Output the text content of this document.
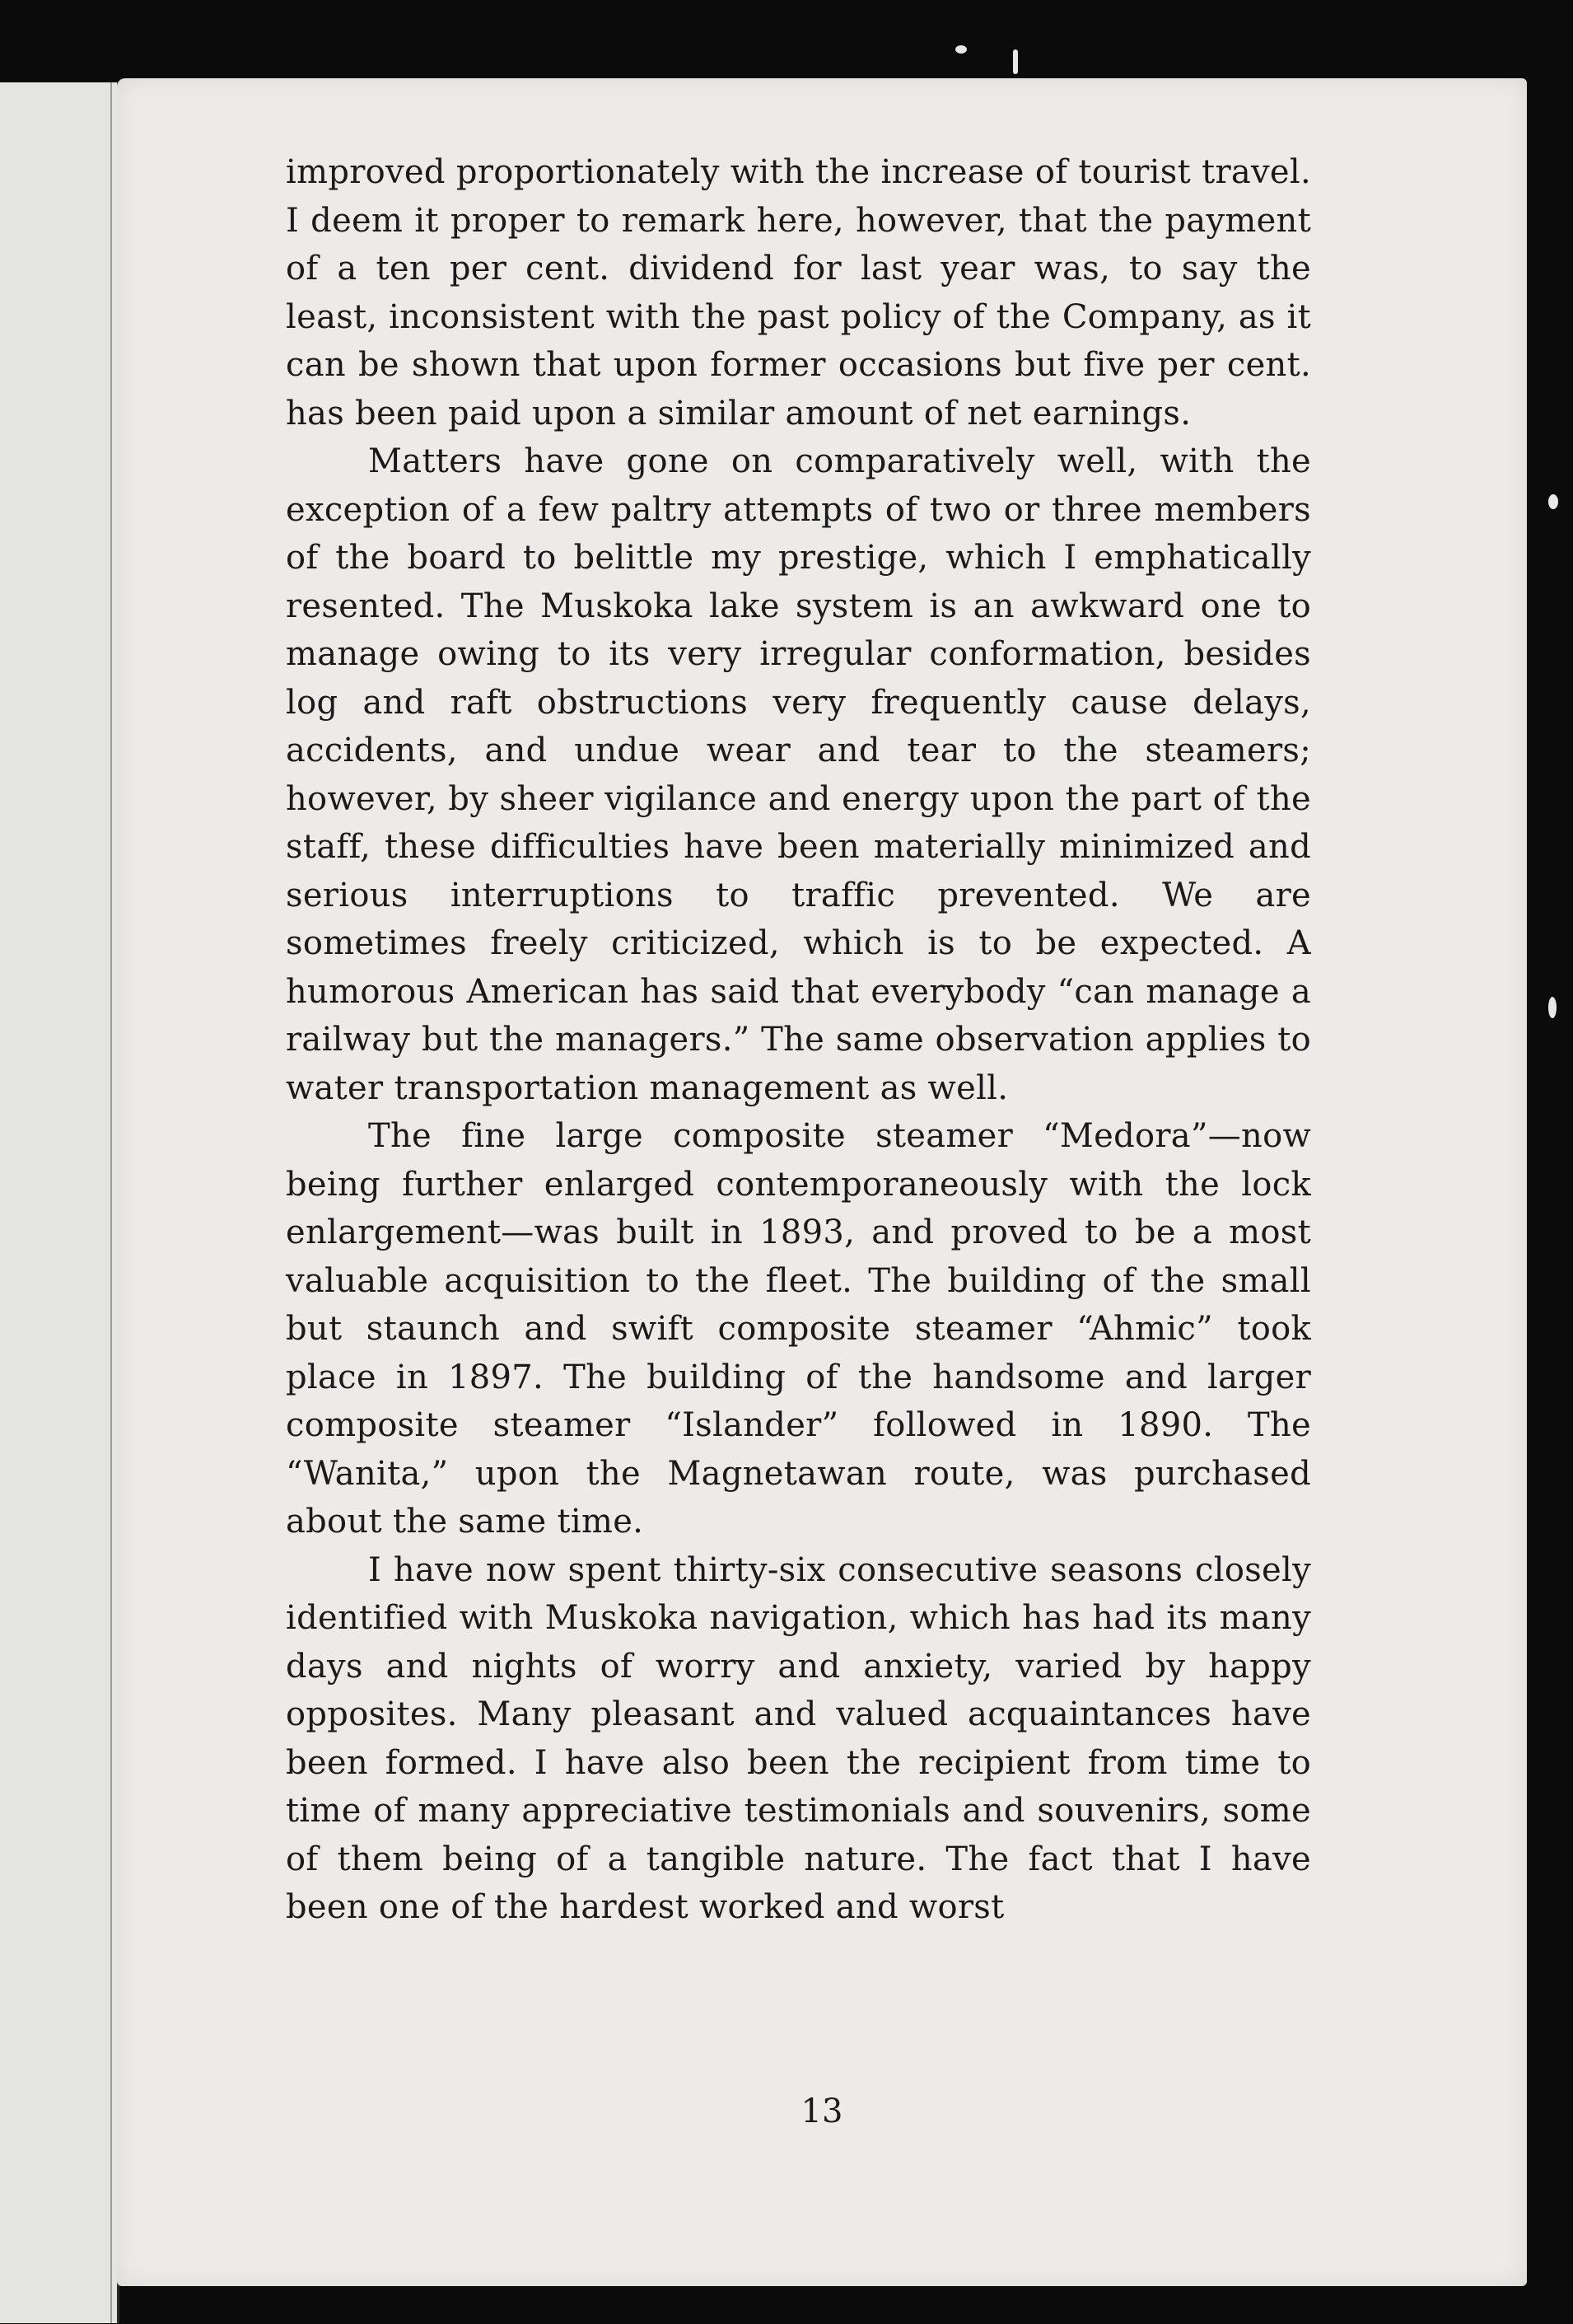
improved proportionately with the increase of tourist travel. I deem it proper to remark here, however, that the payment of a ten per cent. dividend for last year was, to say the least, inconsistent with the past policy of the Company, as it can be shown that upon former occasions but five per cent. has been paid upon a similar amount of net earnings.

Matters have gone on comparatively well, with the exception of a few paltry attempts of two or three members of the board to belittle my prestige, which I emphatically resented. The Muskoka lake system is an awkward one to manage owing to its very irregular conformation, besides log and raft obstructions very frequently cause delays, accidents, and undue wear and tear to the steamers; however, by sheer vigilance and energy upon the part of the staff, these difficulties have been materially minimized and serious interruptions to traffic prevented. We are sometimes freely criticized, which is to be expected. A humorous American has said that everybody “can manage a railway but the managers.” The same observation applies to water transportation management as well.

The fine large composite steamer “Medora”—now being further enlarged contemporaneously with the lock enlargement—was built in 1893, and proved to be a most valuable acquisition to the fleet. The building of the small but staunch and swift composite steamer “Ahmic” took place in 1897. The building of the handsome and larger composite steamer “Islander” followed in 1890. The “Wanita,” upon the Magnetawan route, was purchased about the same time.

I have now spent thirty-six consecutive seasons closely identified with Muskoka navigation, which has had its many days and nights of worry and anxiety, varied by happy opposites. Many pleasant and valued acquaintances have been formed. I have also been the recipient from time to time of many appreciative testimonials and souvenirs, some of them being of a tangible nature. The fact that I have been one of the hardest worked and worst

13
